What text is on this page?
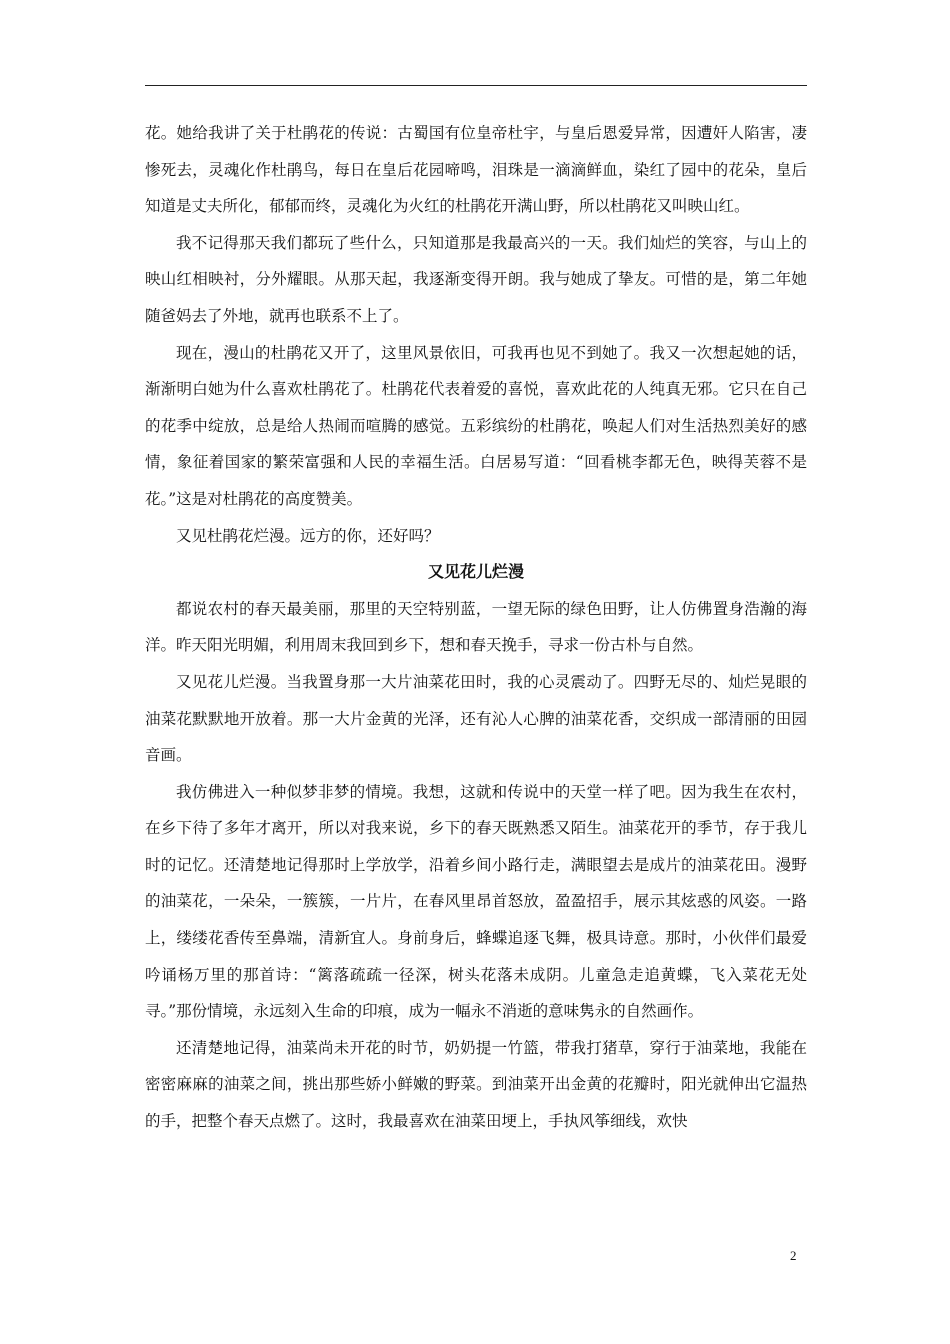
花。她给我讲了关于杜鹃花的传说：古蜀国有位皇帝杜宇，与皇后恩爱异常，因遭奸人陷害，凄惨死去，灵魂化作杜鹃鸟，每日在皇后花园啼鸣，泪珠是一滴滴鲜血，染红了园中的花朵，皇后知道是丈夫所化，郁郁而终，灵魂化为火红的杜鹃花开满山野，所以杜鹃花又叫映山红。

我不记得那天我们都玩了些什么，只知道那是我最高兴的一天。我们灿烂的笑容，与山上的映山红相映衬，分外耀眼。从那天起，我逐渐变得开朗。我与她成了挚友。可惜的是，第二年她随爸妈去了外地，就再也联系不上了。

现在，漫山的杜鹃花又开了，这里风景依旧，可我再也见不到她了。我又一次想起她的话，渐渐明白她为什么喜欢杜鹃花了。杜鹃花代表着爱的喜悦，喜欢此花的人纯真无邪。它只在自己的花季中绽放，总是给人热闹而喧腾的感觉。五彩缤纷的杜鹃花，唤起人们对生活热烈美好的感情，象征着国家的繁荣富强和人民的幸福生活。白居易写道：“回看桃李都无色，映得芙蓉不是花。”这是对杜鹃花的高度赞美。

又见杜鹃花烂漫。远方的你，还好吗？

又见花儿烂漫

都说农村的春天最美丽，那里的天空特别蓝，一望无际的绿色田野，让人仿佛置身浩瀚的海洋。昨天阳光明媚，利用周末我回到乡下，想和春天挽手，寻求一份古朴与自然。

又见花儿烂漫。当我置身那一大片油菜花田时，我的心灵震动了。四野无尽的、灿烂晃眼的油菜花默默地开放着。那一大片金黄的光泽，还有沁人心脾的油菜花香，交织成一部清丽的田园音画。

我仿佛进入一种似梦非梦的情境。我想，这就和传说中的天堂一样了吧。因为我生在农村，在乡下待了多年才离开，所以对我来说，乡下的春天既熟悉又陌生。油菜花开的季节，存于我儿时的记忆。还清楚地记得那时上学放学，沿着乡间小路行走，满眼望去是成片的油菜花田。漫野的油菜花，一朵朵，一簇簇，一片片，在春风里昂首怒放，盈盈招手，展示其炫惑的风姿。一路上，缕缕花香传至鼻端，清新宜人。身前身后，蜂蝶追逐飞舞，极具诗意。那时，小伙伴们最爱吟诵杨万里的那首诗：“篱落疏疏一径深，树头花落未成阴。儿童急走追黄蝶，飞入菜花无处寻。”那份情境，永远刻入生命的印痕，成为一幅永不消逝的意味隽永的自然画作。

还清楚地记得，油菜尚未开花的时节，奶奶提一竹篮，带我打猪草，穿行于油菜地，我能在密密麻麻的油菜之间，挑出那些娇小鲜嫩的野菜。到油菜开出金黄的花瓣时，阳光就伸出它温热的手，把整个春天点燃了。这时，我最喜欢在油菜田埂上，手执风筝细线，欢快

2
